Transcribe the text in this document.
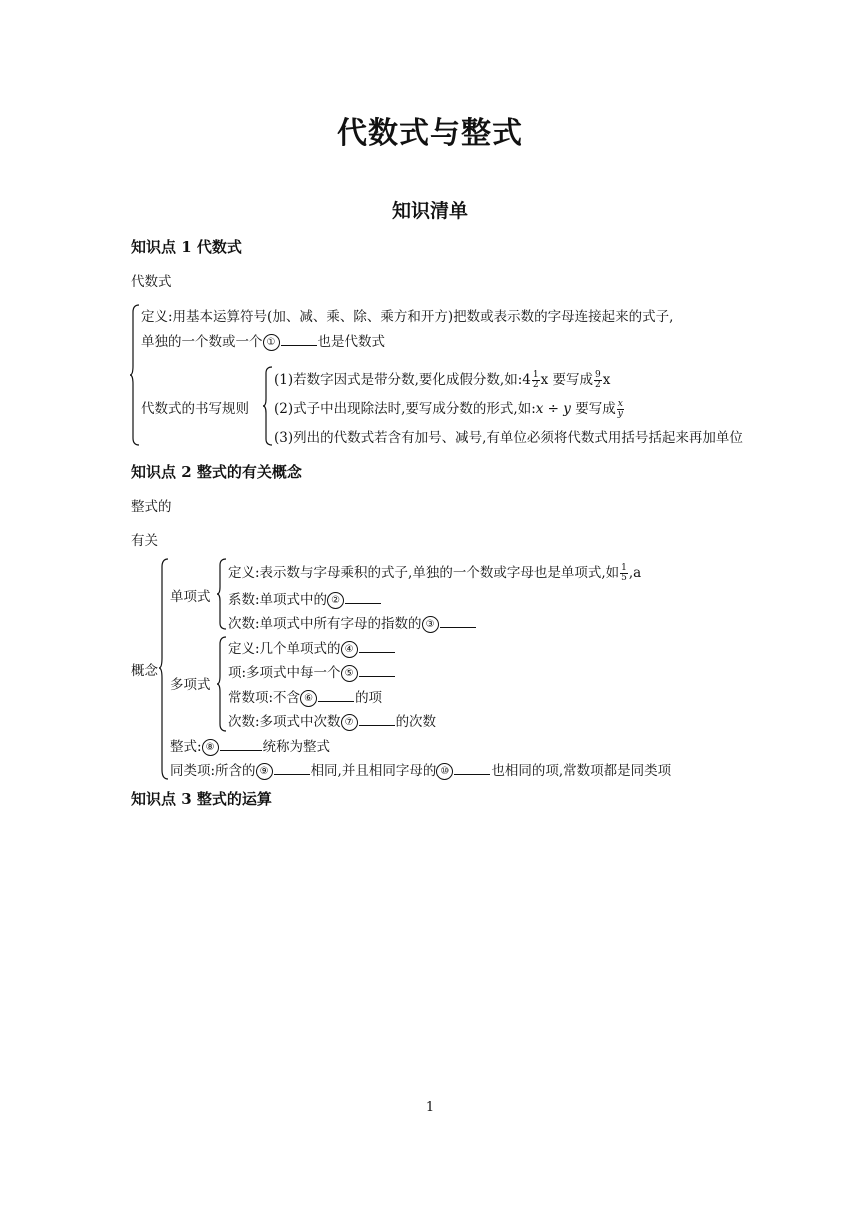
代数式与整式
知识清单
知识点 1 代数式
代数式
定义:用基本运算符号(加、减、乘、除、乘方和开方)把数或表示数的字母连接起来的式子,
单独的一个数或一个 ①	也是代数式
代数式的书写规则
(1)若数字因式是带分数,要化成假分数,如:4 $\frac{1}{2}$ x 要写成 $\frac{9}{2}$ x
(2)式子中出现除法时,要写成分数的形式,如:x ÷ y 要写成 $\frac{x}{y}$
(3)列出的代数式若含有加号、减号,有单位必须将代数式用括号括起来再加单位
知识点 2 整式的有关概念
整式的
有关
概念
单项式
定义:表示数与字母乘积的式子,单独的一个数或字母也是单项式,如 $\frac{1}{5} ,a$
系数:单项式中的 ②
次数:单项式中所有字母的指数的 ③
多项式
定义:几个单项式的 ④
项:多项式中每一个 ⑤
常数项:不含 ⑥	的项
次数:多项式中次数 ⑦	的次数
整式: ⑧	统称为整式
同类项:所含的 ⑨	相同,并且相同字母的 ⑩	也相同的项,常数项都是同类项
知识点 3 整式的运算
1
